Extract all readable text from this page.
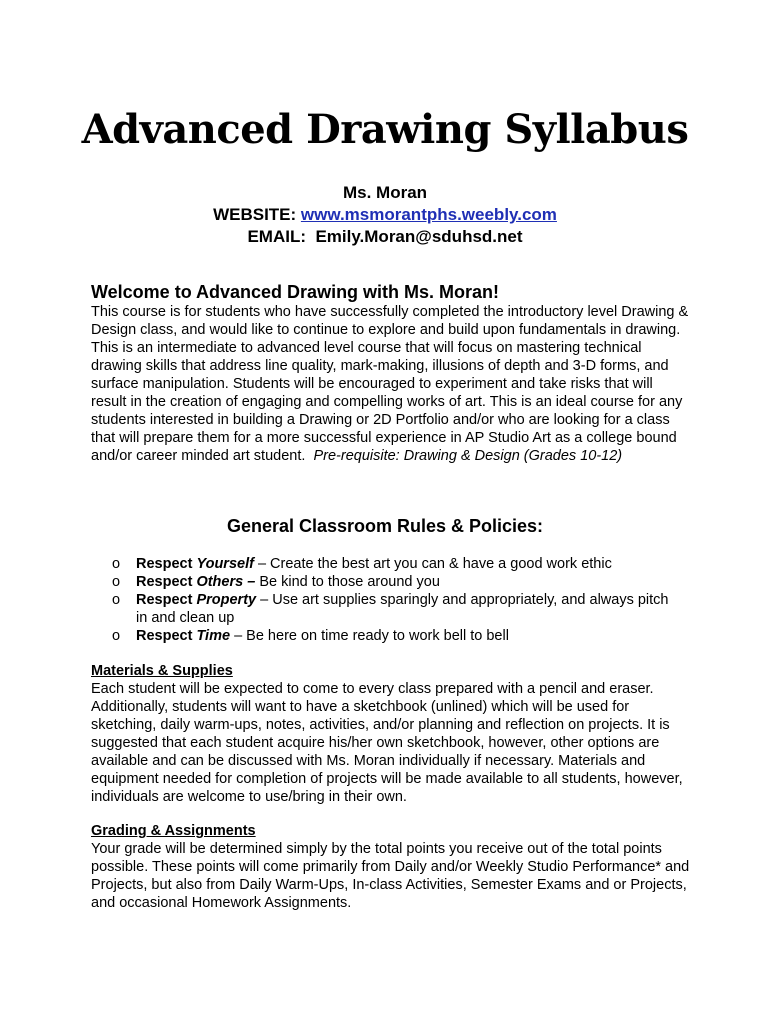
Advanced Drawing Syllabus
Ms. Moran
WEBSITE: www.msmorantphs.weebly.com
EMAIL: Emily.Moran@sduhsd.net
Welcome to Advanced Drawing with Ms. Moran!
This course is for students who have successfully completed the introductory level Drawing & Design class, and would like to continue to explore and build upon fundamentals in drawing. This is an intermediate to advanced level course that will focus on mastering technical drawing skills that address line quality, mark-making, illusions of depth and 3-D forms, and surface manipulation. Students will be encouraged to experiment and take risks that will result in the creation of engaging and compelling works of art. This is an ideal course for any students interested in building a Drawing or 2D Portfolio and/or who are looking for a class that will prepare them for a more successful experience in AP Studio Art as a college bound and/or career minded art student. Pre-requisite: Drawing & Design (Grades 10-12)
General Classroom Rules & Policies:
o Respect Yourself – Create the best art you can & have a good work ethic
o Respect Others – Be kind to those around you
o Respect Property – Use art supplies sparingly and appropriately, and always pitch in and clean up
o Respect Time – Be here on time ready to work bell to bell
Materials & Supplies
Each student will be expected to come to every class prepared with a pencil and eraser. Additionally, students will want to have a sketchbook (unlined) which will be used for sketching, daily warm-ups, notes, activities, and/or planning and reflection on projects. It is suggested that each student acquire his/her own sketchbook, however, other options are available and can be discussed with Ms. Moran individually if necessary. Materials and equipment needed for completion of projects will be made available to all students, however, individuals are welcome to use/bring in their own.
Grading & Assignments
Your grade will be determined simply by the total points you receive out of the total points possible. These points will come primarily from Daily and/or Weekly Studio Performance* and Projects, but also from Daily Warm-Ups, In-class Activities, Semester Exams and or Projects, and occasional Homework Assignments.
